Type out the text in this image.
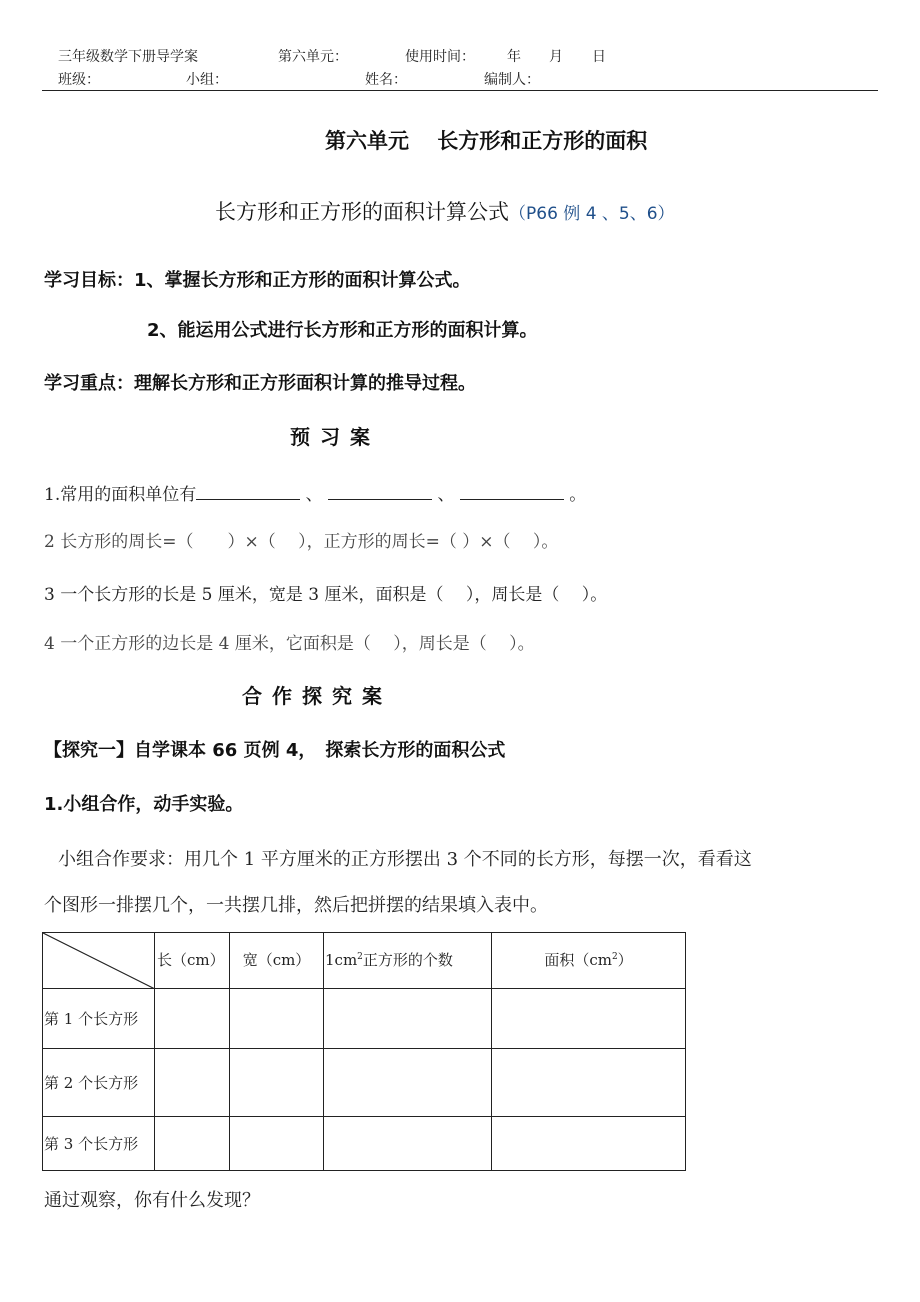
三年级数学下册导学案	第六单元：	使用时间： 年 月 日
班级：	小组：	姓名：	编制人：
第六单元　 长方形和正方形的面积
长方形和正方形的面积计算公式（P66 例 4 、5、6）
学习目标：1、掌握长方形和正方形的面积计算公式。
2、能运用公式进行长方形和正方形的面积计算。
学习重点：理解长方形和正方形面积计算的推导过程。
预习案
1.常用的面积单位有	、	、	。
2 长方形的周长=（　　）×（　 ），正方形的周长=（ ）×（　 ）。
3 一个长方形的长是 5 厘米，宽是 3 厘米，面积是（　 ），周长是（　 ）。
4 一个正方形的边长是 4 厘米，它面积是（　 ），周长是（　 ）。
合作探究案
【探究一】自学课本 66 页例 4，　探索长方形的面积公式
1.小组合作，动手实验。
小组合作要求：用几个 1 平方厘米的正方形摆出 3 个不同的长方形，每摆一次，看看这
个图形一排摆几个，一共摆几排，然后把拼摆的结果填入表中。
	长（cm）	宽（cm）	$1cm^2$正方形的个数	面积$(cm^2)$
第 1 个长方形				
第 2 个长方形				
第 3 个长方形				
通过观察，你有什么发现？
